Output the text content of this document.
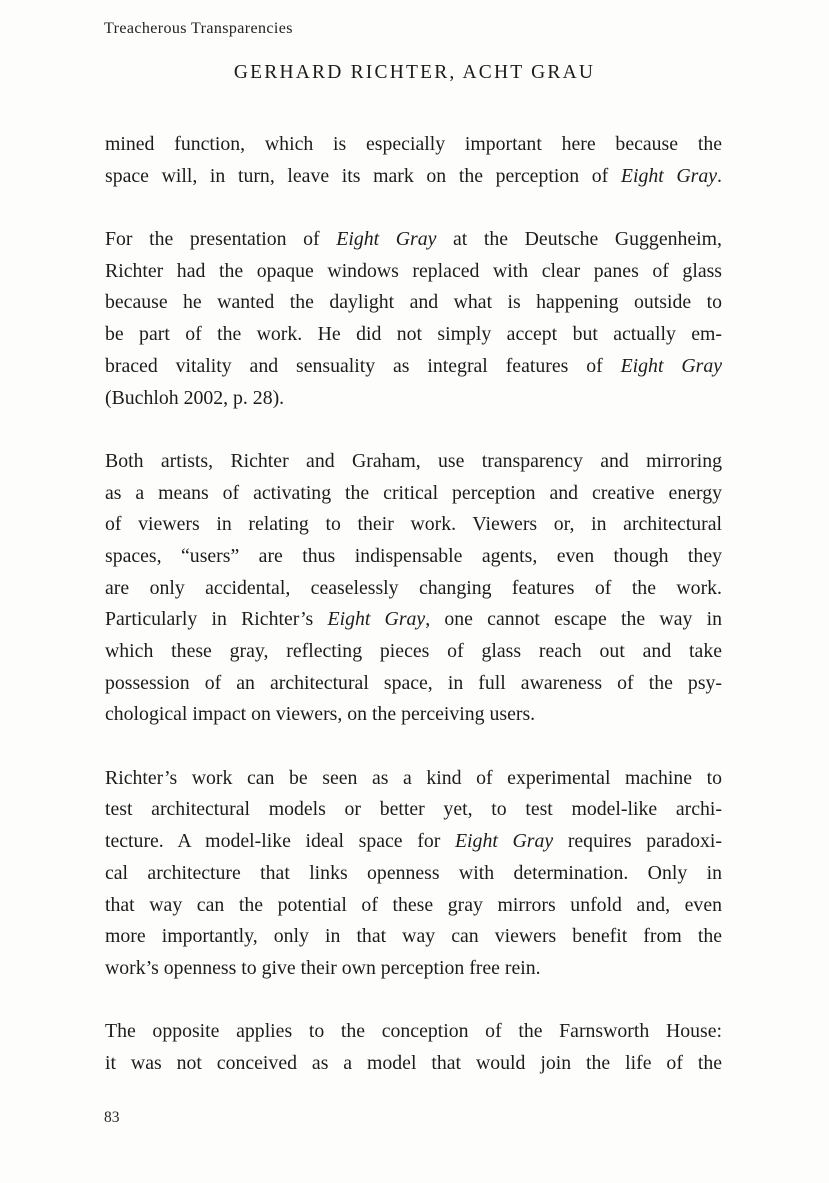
Treacherous Transparencies
GERHARD RICHTER, ACHT GRAU
mined function, which is especially important here because the
space will, in turn, leave its mark on the perception of Eight Gray.
For the presentation of Eight Gray at the Deutsche Guggenheim,
Richter had the opaque windows replaced with clear panes of glass
because he wanted the daylight and what is happening outside to
be part of the work. He did not simply accept but actually em-
braced vitality and sensuality as integral features of Eight Gray
(Buchloh 2002, p. 28).
Both artists, Richter and Graham, use transparency and mirroring
as a means of activating the critical perception and creative energy
of viewers in relating to their work. Viewers or, in architectural
spaces, “users” are thus indispensable agents, even though they
are only accidental, ceaselessly changing features of the work.
Particularly in Richter’s Eight Gray, one cannot escape the way in
which these gray, reflecting pieces of glass reach out and take
possession of an architectural space, in full awareness of the psy-
chological impact on viewers, on the perceiving users.
Richter’s work can be seen as a kind of experimental machine to
test architectural models or better yet, to test model-like archi-
tecture. A model-like ideal space for Eight Gray requires paradoxi-
cal architecture that links openness with determination. Only in
that way can the potential of these gray mirrors unfold and, even
more importantly, only in that way can viewers benefit from the
work’s openness to give their own perception free rein.
The opposite applies to the conception of the Farnsworth House:
it was not conceived as a model that would join the life of the
83
